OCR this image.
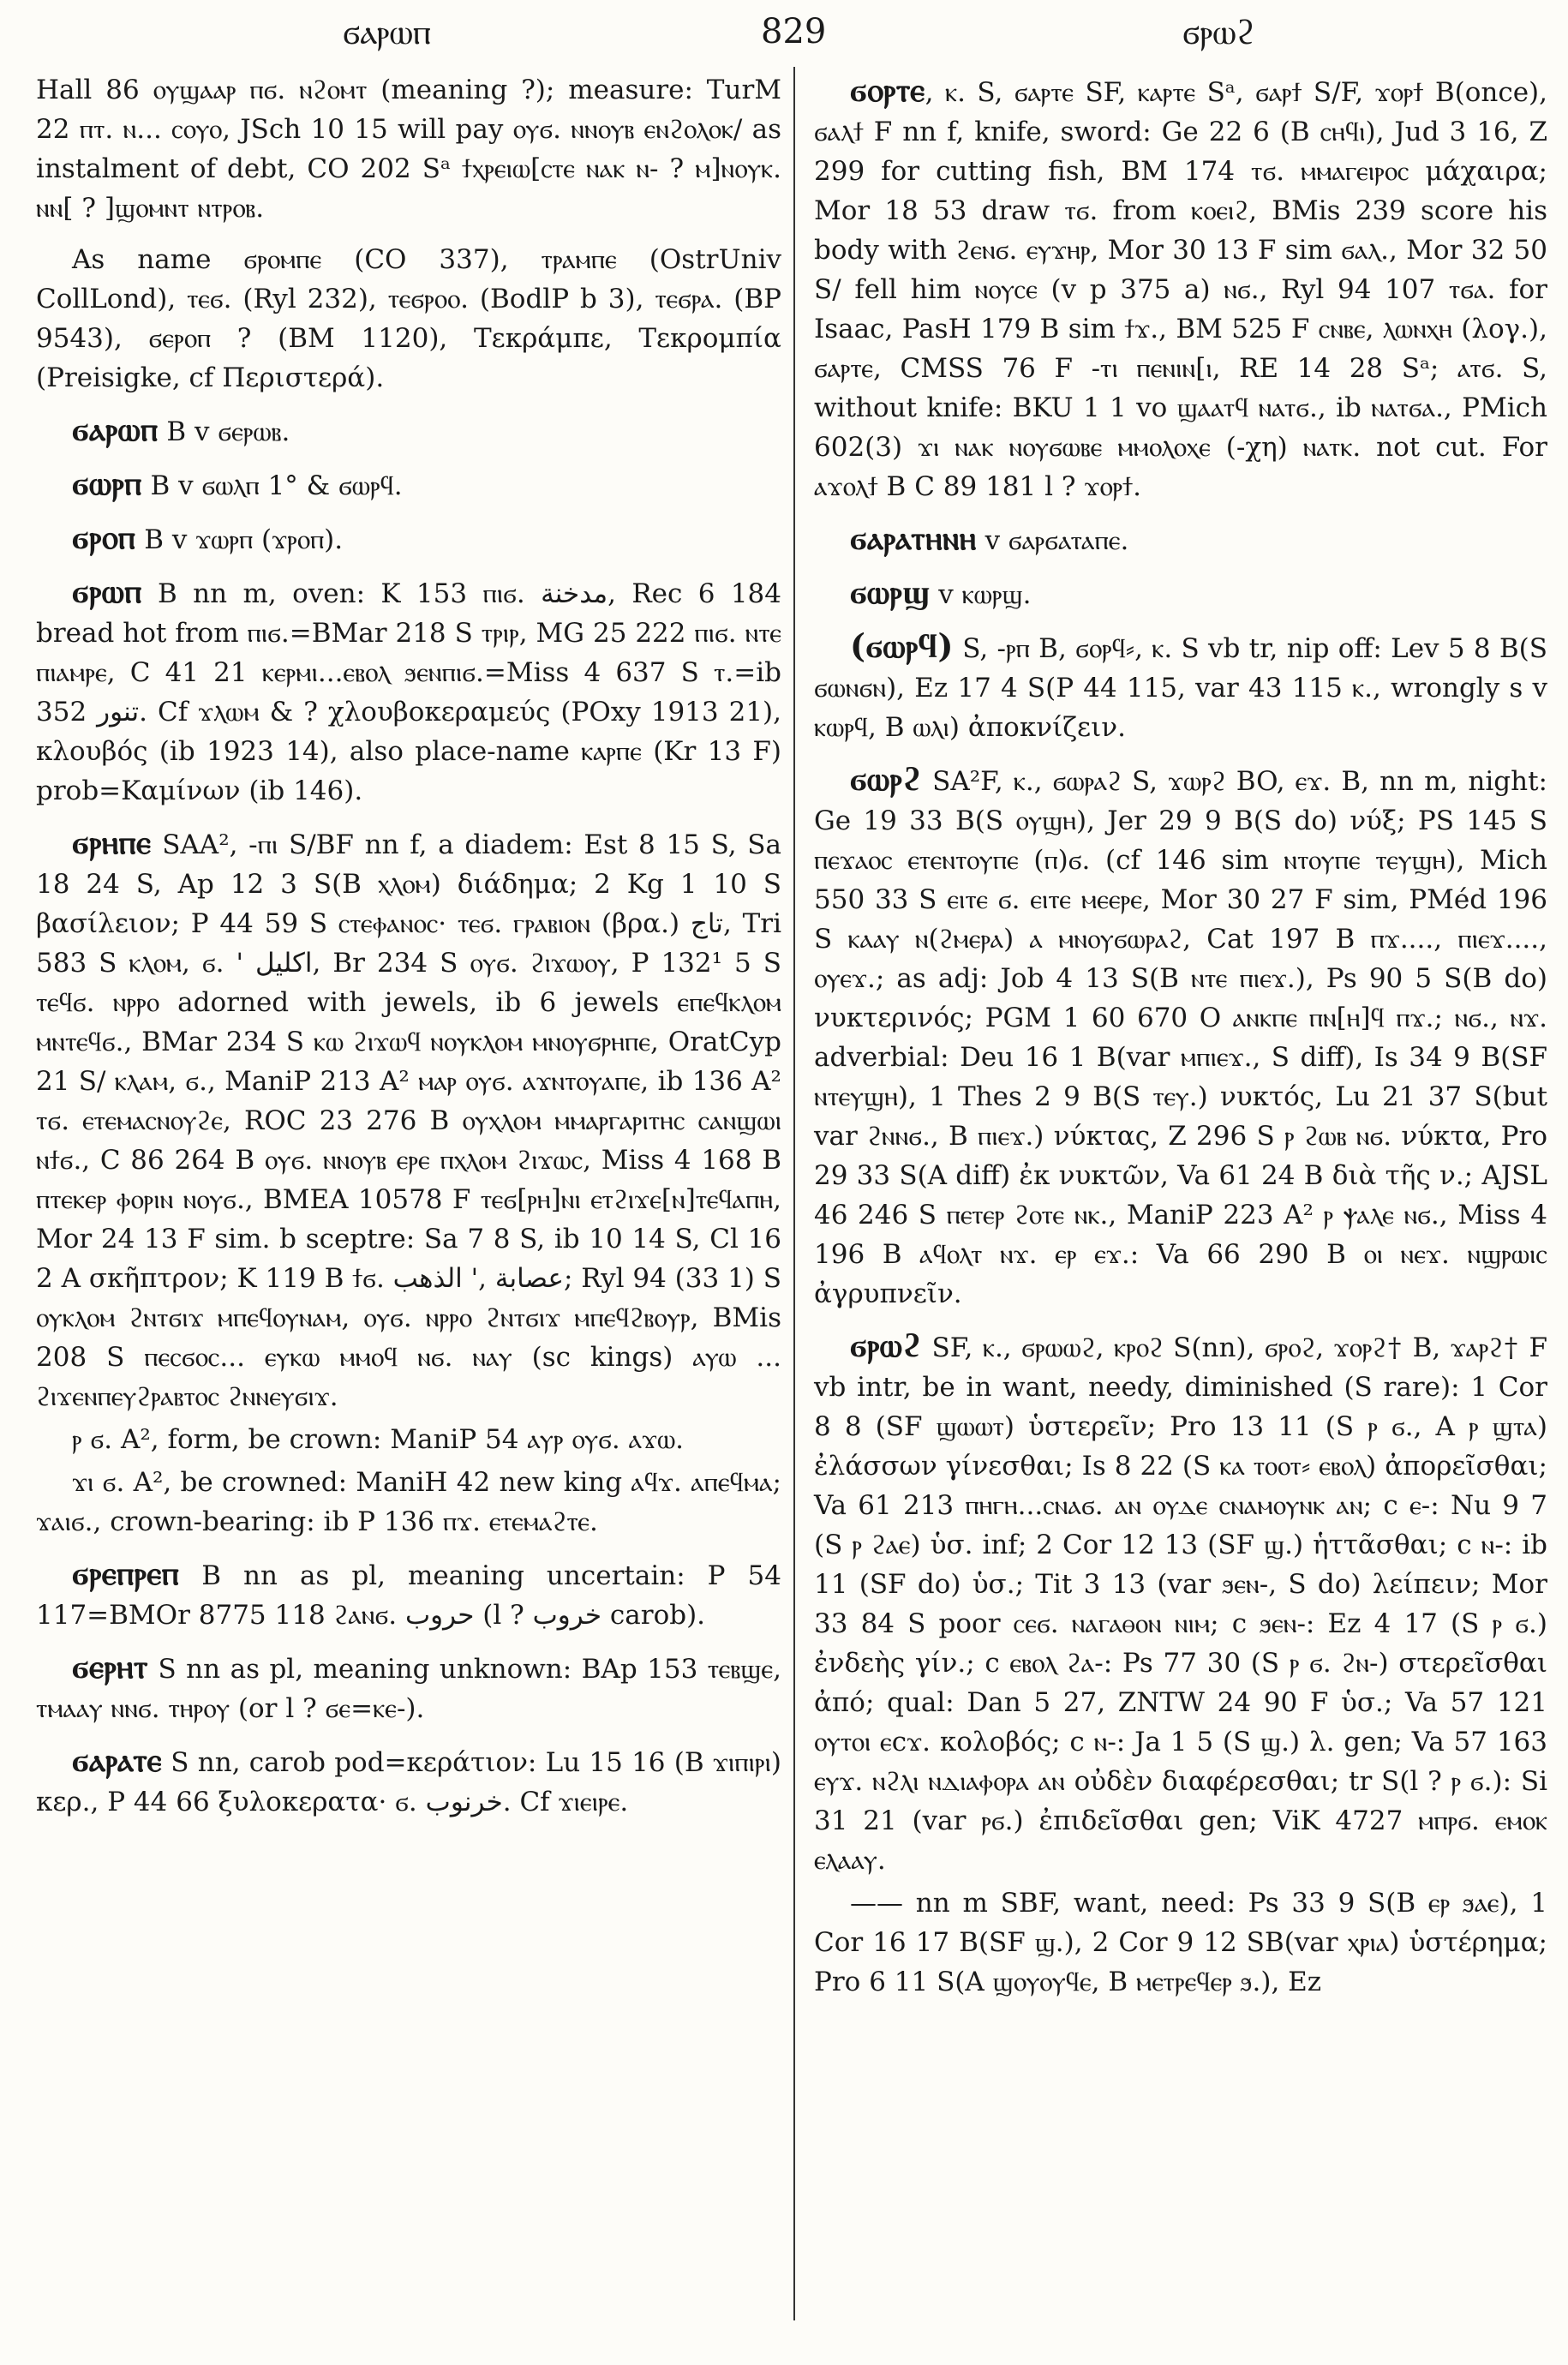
ϭⲁⲣⲱⲡ	829	ϭⲣⲱϩ

Hall 86 ⲟⲩϣⲁⲁⲣ ⲡϭ. ⲛϩⲟⲙⲧ (meaning ?); measure: TurM 22 ⲡⲧ. ⲛ... ⲥⲟⲩⲟ, JSch 10 15 will pay ⲟⲩϭ. ⲛⲛⲟⲩⲃ ⲉⲛϩⲟⲗⲟⲕ/ as instalment of debt, CO 202 Sᵃ ϯⲭⲣⲉⲓⲱ[ⲥⲧⲉ ⲛⲁⲕ ⲛ- ? ⲙ]ⲛⲟⲩⲕ. ⲛⲛ[ ? ]ϣⲟⲙⲛⲧ ⲛⲧⲣⲟⲃ.

As name ϭⲣⲟⲙⲡⲉ (CO 337), ⲧⲣⲁⲙⲡⲉ (OstrUniv CollLond), ⲧⲉϭ. (Ryl 232), ⲧⲉϭⲣⲟⲟ. (BodlP b 3), ⲧⲉϭⲣⲁ. (BP 9543), ϭⲉⲣⲟⲡ ? (BM 1120), Τεκράμπε, Τεκρομπία (Preisigke, cf Περιστερά).

ϭⲁⲣⲱⲡ B v ϭⲉⲣⲱⲃ.

ϭⲱⲣⲡ B v ϭⲱⲗⲡ 1° & ϭⲱⲣϥ.

ϭⲣⲟⲡ B v ϫⲱⲣⲡ (ϫⲣⲟⲡ).

ϭⲣⲱⲡ B nn m, oven: K 153 ⲡⲓϭ. مدخنة, Rec 6 184 bread hot from ⲡⲓϭ.=BMar 218 S ⲧⲣⲓⲣ, MG 25 222 ⲡⲓϭ. ⲛⲧⲉ ⲡⲓⲁⲙⲣⲉ, C 41 21 ⲕⲉⲣⲙⲓ...ⲉⲃⲟⲗ ϧⲉⲛⲡⲓϭ.=Miss 4 637 S ⲧ.=ib 352 تنور. Cf ϫⲗⲱⲙ & ? χλουβοκεραμεύς (POxy 1913 21), κλουβός (ib 1923 14), also place-name ⲕⲁⲣⲡⲉ (Kr 13 F) prob=Καμίνων (ib 146).

ϭⲣⲏⲡⲉ SAA², -ⲡⲓ S/BF nn f, a diadem: Est 8 15 S, Sa 18 24 S, Ap 12 3 S(B ⲭⲗⲟⲙ) διάδημα; 2 Kg 1 10 S βασίλειον; P 44 59 S ⲥⲧⲉⲫⲁⲛⲟⲥ· ⲧⲉϭ. ⲅⲣⲁⲃⲓⲟⲛ (βρα.) تاج, Tri 583 S ⲕⲗⲟⲙ, ϭ. ' اكليل, Br 234 S ⲟⲩϭ. ϩⲓϫⲱⲟⲩ, P 132¹ 5 S ⲧⲉϥϭ. ⲛⲣⲣⲟ adorned with jewels, ib 6 jewels ⲉⲡⲉϥⲕⲗⲟⲙ ⲙⲛⲧⲉϥϭ., BMar 234 S ⲕⲱ ϩⲓϫⲱϥ ⲛⲟⲩⲕⲗⲟⲙ ⲙⲛⲟⲩϭⲣⲏⲡⲉ, OratCyp 21 S/ ⲕⲗⲁⲙ, ϭ., ManiP 213 A² ⲙⲁⲣ ⲟⲩϭ. ⲁϫⲛⲧⲟⲩⲁⲡⲉ, ib 136 A² ⲧϭ. ⲉⲧⲉⲙⲁⲥⲛⲟⲩϩⲉ, ROC 23 276 B ⲟⲩⲭⲗⲟⲙ ⲙⲙⲁⲣⲅⲁⲣⲓⲧⲏⲥ ⲥⲁⲛϣⲱⲓ ⲛϯϭ., C 86 264 B ⲟⲩϭ. ⲛⲛⲟⲩⲃ ⲉⲣⲉ ⲡⲭⲗⲟⲙ ϩⲓϫⲱⲥ, Miss 4 168 B ⲡⲧⲉⲕⲉⲣ ⲫⲟⲣⲓⲛ ⲛⲟⲩϭ., BMEA 10578 F ⲧⲉϭ[ⲣⲏ]ⲛⲓ ⲉⲧϩⲓϫⲉ[ⲛ]ⲧⲉϥⲁⲡⲏ, Mor 24 13 F sim. b sceptre: Sa 7 8 S, ib 10 14 S, Cl 16 2 A σκῆπτρον; K 119 B ϯϭ. عصابة ,' الذهب; Ryl 94 (33 1) S ⲟⲩⲕⲗⲟⲙ ϩⲛⲧϭⲓϫ ⲙⲡⲉϥⲟⲩⲛⲁⲙ, ⲟⲩϭ. ⲛⲣⲣⲟ ϩⲛⲧϭⲓϫ ⲙⲡⲉϥϩⲃⲟⲩⲣ, BMis 208 S ⲡⲉⲥϭⲟⲥ... ⲉⲩⲕⲱ ⲙⲙⲟϥ ⲛϭ. ⲛⲁⲩ (sc kings) ⲁⲩⲱ ... ϩⲓϫⲉⲛⲡⲉⲩϩⲣⲁⲃⲧⲟⲥ ϩⲛⲛⲉⲩϭⲓϫ.

ⲣ ϭ. A², form, be crown: ManiP 54 ⲁⲩⲣ ⲟⲩϭ. ⲁϫⲱ.

ϫⲓ ϭ. A², be crowned: ManiH 42 new king ⲁϥϫ. ⲁⲡⲉϥⲙⲁ; ϫⲁⲓϭ., crown-bearing: ib P 136 ⲡϫ. ⲉⲧⲉⲙⲁϩⲧⲉ.

ϭⲣⲉⲡⲣⲉⲡ B nn as pl, meaning uncertain: P 54 117=BMOr 8775 118 ϩⲁⲛϭ. حروب (l ? خروب carob).

ϭⲉⲣⲏⲧ S nn as pl, meaning unknown: BAp 153 ⲧⲉⲃϣⲉ, ⲧⲙⲁⲁⲩ ⲛⲛϭ. ⲧⲏⲣⲟⲩ (or l ? ϭⲉ=ⲕⲉ-).

ϭⲁⲣⲁⲧⲉ S nn, carob pod=κεράτιον: Lu 15 16 (B ϫⲓⲡⲓⲣⲓ) κερ., P 44 66 ξυλοκερατα· ϭ. خرنوب. Cf ϫⲓⲉⲓⲣⲉ.

ϭⲟⲣⲧⲉ, ⲕ. S, ϭⲁⲣⲧⲉ SF, ⲕⲁⲣⲧⲉ Sᵃ, ϭⲁⲣϯ S/F, ϫⲟⲣϯ B(once), ϭⲁⲗϯ F nn f, knife, sword: Ge 22 6 (B ⲥⲏϥⲓ), Jud 3 16, Z 299 for cutting fish, BM 174 ⲧϭ. ⲙⲙⲁⲅⲉⲓⲣⲟⲥ μάχαιρα; Mor 18 53 draw ⲧϭ. from ⲕⲟⲉⲓϩ, BMis 239 score his body with ϩⲉⲛϭ. ⲉⲩϫⲏⲣ, Mor 30 13 F sim ϭⲁⲗ., Mor 32 50 S/ fell him ⲛⲟⲩⲥⲉ (v p 375 a) ⲛϭ., Ryl 94 107 ⲧϭⲁ. for Isaac, PasH 179 B sim ϯϫ., BM 525 F ⲥⲛⲃⲉ, ⲗⲱⲛⲭⲏ (λογ.), ϭⲁⲣⲧⲉ, CMSS 76 F -ⲧⲓ ⲡⲉⲛⲓⲛ[ⲓ, RE 14 28 Sᵃ; ⲁⲧϭ. S, without knife: BKU 1 1 vo ϣⲁⲁⲧϥ ⲛⲁⲧϭ., ib ⲛⲁⲧϭⲁ., PMich 602(3) ϫⲓ ⲛⲁⲕ ⲛⲟⲩϭⲱⲃⲉ ⲙⲙⲟⲗⲟⲭⲉ (-χη) ⲛⲁⲧⲕ. not cut. For ⲁϫⲟⲗϯ B C 89 181 l ? ϫⲟⲣϯ.

ϭⲁⲣⲁⲧⲏⲛⲏ v ϭⲁⲣϭⲁⲧⲁⲡⲉ.

ϭⲱⲣϣ v ⲕⲱⲣϣ.

(ϭⲱⲣϥ) S, -ⲣⲡ B, ϭⲟⲣϥ⸗, ⲕ. S vb tr, nip off: Lev 5 8 B(S ϭⲱⲛϭⲛ), Ez 17 4 S(P 44 115, var 43 115 ⲕ., wrongly s v ⲕⲱⲣϥ, B ⲱⲗⲓ) ἀποκνίζειν.

ϭⲱⲣϩ SA²F, ⲕ., ϭⲱⲣⲁϩ S, ϫⲱⲣϩ BO, ⲉϫ. B, nn m, night: Ge 19 33 B(S ⲟⲩϣⲏ), Jer 29 9 B(S do) νύξ; PS 145 S ⲡⲉϫⲁⲟⲥ ⲉⲧⲉⲛⲧⲟⲩⲡⲉ (ⲡ)ϭ. (cf 146 sim ⲛⲧⲟⲩⲡⲉ ⲧⲉⲩϣⲏ), Mich 550 33 S ⲉⲓⲧⲉ ϭ. ⲉⲓⲧⲉ ⲙⲉⲉⲣⲉ, Mor 30 27 F sim, PMéd 196 S ⲕⲁⲁⲩ ⲛ(ϩⲙⲉⲣⲁ) ⲁ ⲙⲛⲟⲩϭⲱⲣⲁϩ, Cat 197 B ⲡϫ...., ⲡⲓⲉϫ...., ⲟⲩⲉϫ.; as adj: Job 4 13 S(B ⲛⲧⲉ ⲡⲓⲉϫ.), Ps 90 5 S(B do) νυκτερινός; PGM 1 60 670 O ⲁⲛⲕⲡⲉ ⲡⲛ[ⲏ]ϥ ⲡϫ.; ⲛϭ., ⲛϫ. adverbial: Deu 16 1 B(var ⲙⲡⲓⲉϫ., S diff), Is 34 9 B(SF ⲛⲧⲉⲩϣⲏ), 1 Thes 2 9 B(S ⲧⲉⲩ.) νυκτός, Lu 21 37 S(but var ϩⲛⲛϭ., B ⲡⲓⲉϫ.) νύκτας, Z 296 S ⲣ ϩⲱⲃ ⲛϭ. νύκτα, Pro 29 33 S(A diff) ἐκ νυκτῶν, Va 61 24 B διὰ τῆς ν.; AJSL 46 246 S ⲡⲉⲧⲉⲣ ϩⲟⲧⲉ ⲛⲕ., ManiP 223 A² ⲣ ⲯⲁⲗⲉ ⲛϭ., Miss 4 196 B ⲁϥⲟⲗⲧ ⲛϫ. ⲉⲣ ⲉϫ.: Va 66 290 B ⲟⲓ ⲛⲉϫ. ⲛϣⲣⲱⲓⲥ ἀγρυπνεῖν.

ϭⲣⲱϩ SF, ⲕ., ϭⲣⲱⲱϩ, ⲕⲣⲟϩ S(nn), ϭⲣⲟϩ, ϫⲟⲣϩ† B, ϫⲁⲣϩ† F vb intr, be in want, needy, diminished (S rare): 1 Cor 8 8 (SF ϣⲱⲱⲧ) ὑστερεῖν; Pro 13 11 (S ⲣ ϭ., A ⲣ ϣⲧⲁ) ἐλάσσων γίνεσθαι; Is 8 22 (S ⲕⲁ ⲧⲟⲟⲧ⸗ ⲉⲃⲟⲗ) ἀπορεῖσθαι; Va 61 213 ⲡⲏⲅⲏ...ⲥⲛⲁϭ. ⲁⲛ ⲟⲩⲇⲉ ⲥⲛⲁⲙⲟⲩⲛⲕ ⲁⲛ; c ⲉ-: Nu 9 7 (S ⲣ ϩⲁⲉ) ὑσ. inf; 2 Cor 12 13 (SF ϣ.) ἡττᾶσθαι; c ⲛ-: ib 11 (SF do) ὑσ.; Tit 3 13 (var ϧⲉⲛ-, S do) λείπειν; Mor 33 84 S poor ⲥⲉϭ. ⲛⲁⲅⲁⲑⲟⲛ ⲛⲓⲙ; c ϧⲉⲛ-: Ez 4 17 (S ⲣ ϭ.) ἐνδεὴς γίν.; c ⲉⲃⲟⲗ ϩⲁ-: Ps 77 30 (S ⲣ ϭ. ϩⲛ-) στερεῖσθαι ἀπό; qual: Dan 5 27, ZNTW 24 90 F ὑσ.; Va 57 121 ⲟⲩⲧⲟⲓ ⲉϲϫ. κολοβός; c ⲛ-: Ja 1 5 (S ϣ.) λ. gen; Va 57 163 ⲉⲩϫ. ⲛϩⲗⲓ ⲛⲇⲓⲁⲫⲟⲣⲁ ⲁⲛ οὐδὲν διαφέρεσθαι; tr S(l ? ⲣ ϭ.): Si 31 21 (var ⲣϭ.) ἐπιδεῖσθαι gen; ViK 4727 ⲙⲡⲣϭ. ⲉⲙⲟⲕ ⲉⲗⲁⲁⲩ.

—— nn m SBF, want, need: Ps 33 9 S(B ⲉⲣ ϧⲁⲉ), 1 Cor 16 17 B(SF ϣ.), 2 Cor 9 12 SB(var ⲭⲣⲓⲁ) ὑστέρημα; Pro 6 11 S(A ϣⲟⲩⲟⲩϥⲉ, B ⲙⲉⲧⲣⲉϥⲉⲣ ϧ.), Ez
